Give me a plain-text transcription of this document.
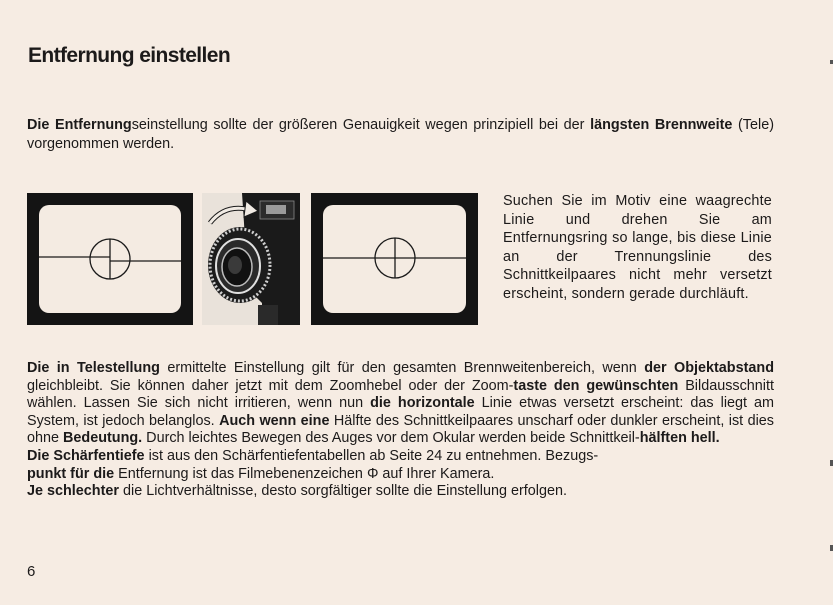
Entfernung einstellen

Die Entfernungseinstellung sollte der größeren Genauigkeit wegen prinzipiell bei der längsten Brennweite (Tele) vorgenommen werden.

Suchen Sie im Motiv eine waagrechte Linie und drehen Sie am Entfernungsring so lange, bis diese Linie an der Trennungslinie des Schnittkeilpaares nicht mehr versetzt erscheint, sondern gerade durchläuft.

Die in Telestellung ermittelte Einstellung gilt für den gesamten Brennweitenbereich, wenn der Objektabstand gleichbleibt. Sie können daher jetzt mit dem Zoomhebel oder der Zoom-taste den gewünschten Bildausschnitt wählen. Lassen Sie sich nicht irritieren, wenn nun die horizontale Linie etwas versetzt erscheint: das liegt am System, ist jedoch belanglos. Auch wenn eine Hälfte des Schnittkeilpaares unscharf oder dunkler erscheint, ist dies ohne Bedeutung. Durch leichtes Bewegen des Auges vor dem Okular werden beide Schnittkeil-hälften hell.

Die Schärfentiefe ist aus den Schärfentiefentabellen ab Seite 24 zu entnehmen. Bezugs-
punkt für die Entfernung ist das Filmebenenzeichen Φ auf Ihrer Kamera.

Je schlechter die Lichtverhältnisse, desto sorgfältiger sollte die Einstellung erfolgen.

6
